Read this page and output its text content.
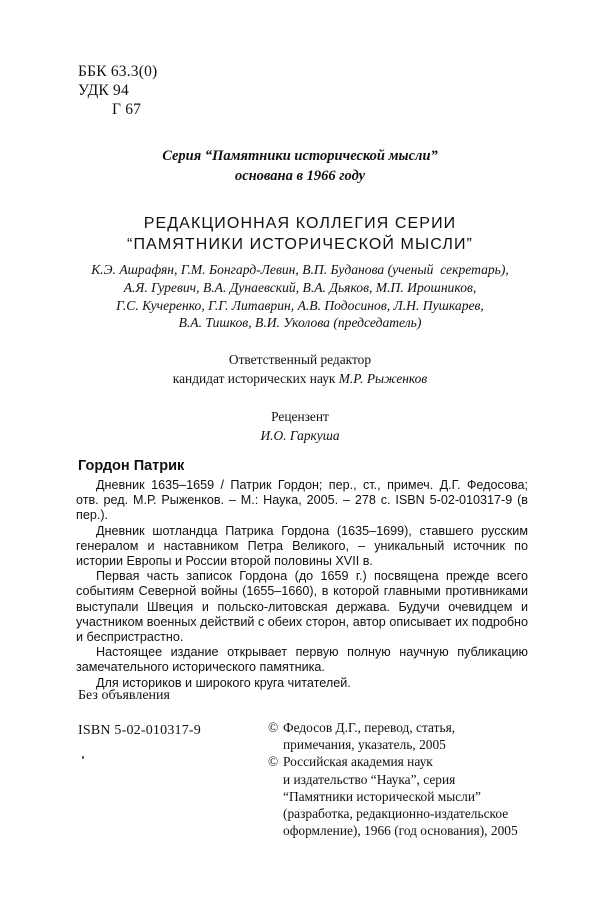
ББК 63.3(0)
УДК 94
Г 67
Серия “Памятники исторической мысли”
основана в 1966 году
РЕДАКЦИОННАЯ КОЛЛЕГИЯ СЕРИИ
“ПАМЯТНИКИ ИСТОРИЧЕСКОЙ МЫСЛИ”
К.Э. Ашрафян, Г.М. Бонгард-Левин, В.П. Буданова (ученый  секретарь),
А.Я. Гуревич, В.А. Дунаевский, В.А. Дьяков, М.П. Ирошников,
Г.С. Кучеренко, Г.Г. Литаврин, А.В. Подосинов, Л.Н. Пушкарев,
В.А. Тишков, В.И. Уколова (председатель)
Ответственный редактор
кандидат исторических наук М.Р. Рыженков
Рецензент
И.О. Гаркуша
Гордон Патрик

Дневник 1635–1659 / Патрик Гордон; пер., ст., примеч. Д.Г. Федосова; отв. ред. М.Р. Рыженков. – М.: Наука, 2005. – 278 с. ISBN 5-02-010317-9 (в пер.).

Дневник шотландца Патрика Гордона (1635–1699), ставшего русским генералом и наставником Петра Великого, – уникальный источник по истории Европы и России второй половины XVII в.

Первая часть записок Гордона (до 1659 г.) посвящена прежде всего событиям Северной войны (1655–1660), в которой главными противниками выступали Швеция и польско-литовская держава. Будучи очевидцем и участником военных действий с обеих сторон, автор описывает их подробно и беспристрастно.

Настоящее издание открывает первую полную научную публикацию замечательного исторического памятника.

Для историков и широкого круга читателей.

Без объявления
ISBN 5-02-010317-9	© Федосов Д.Г., перевод, статья,
примечания, указатель, 2005
© Российская академия наук
и издательство “Наука”, серия
“Памятники исторической мысли”
(разработка, редакционно-издательское
оформление), 1966 (год основания), 2005
